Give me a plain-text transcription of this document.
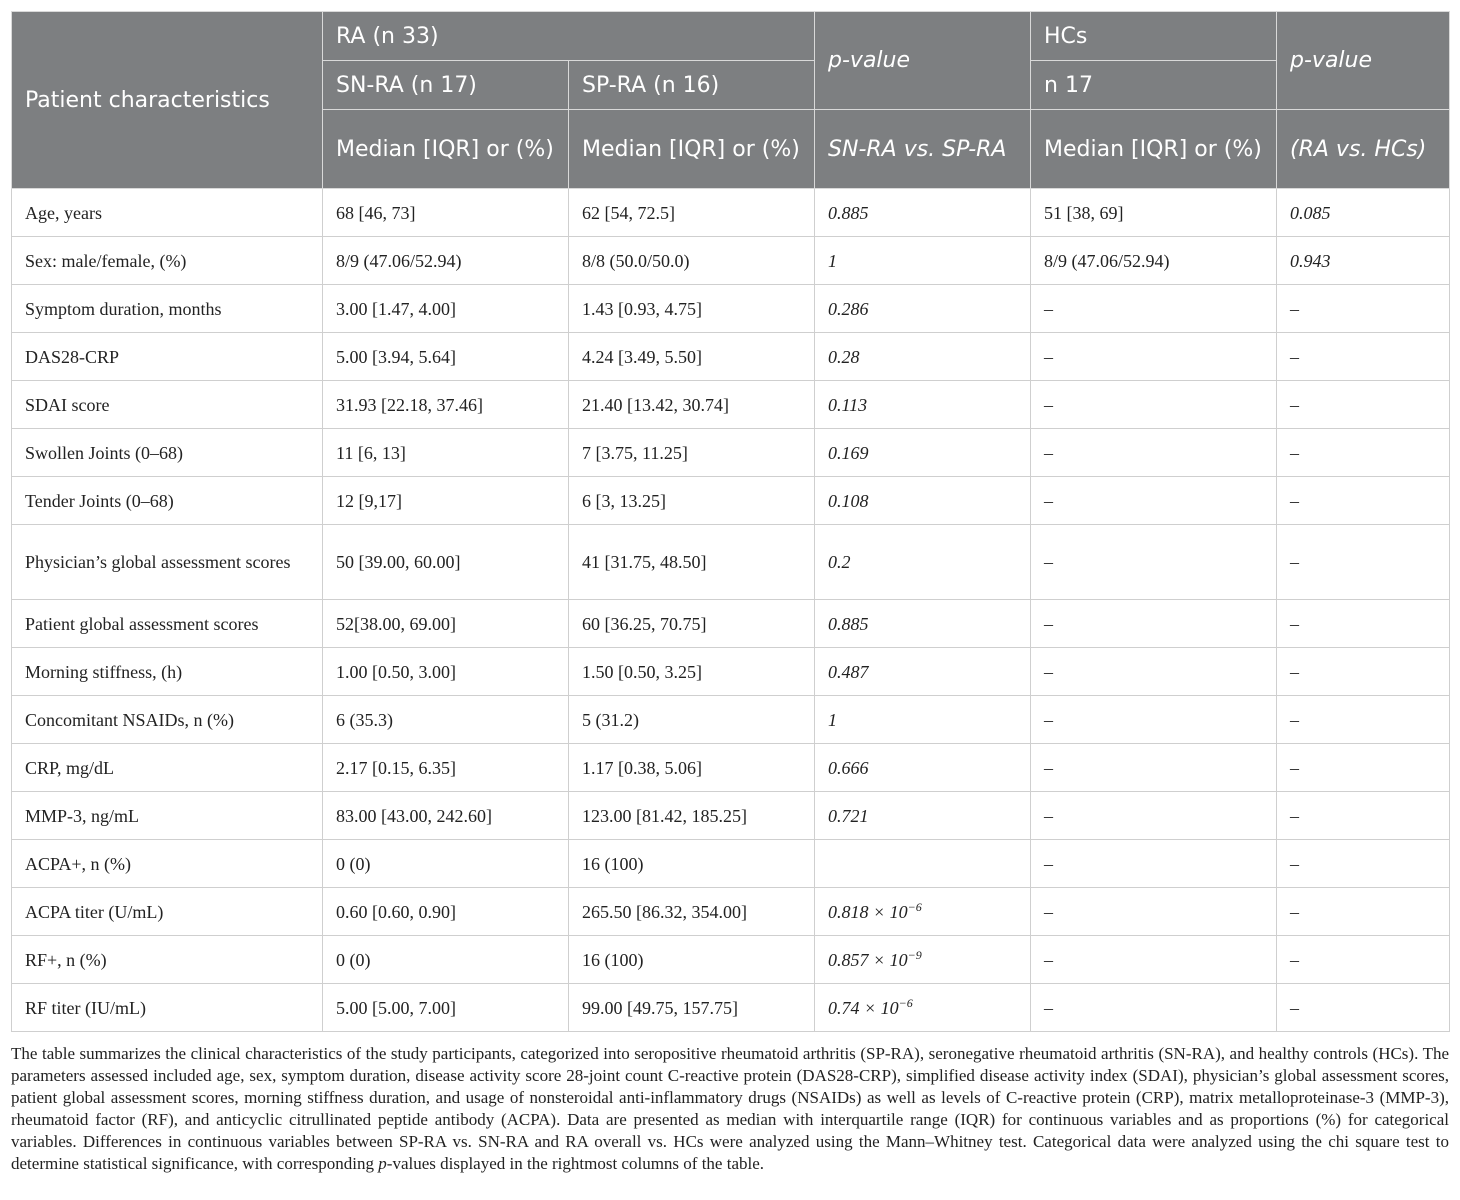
Patient characteristics	RA (n 33)		p-value	HCs	p-value
	SN-RA (n 17)	SP-RA (n 16)		n 17	
	Median [IQR] or (%)	Median [IQR] or (%)	SN-RA vs. SP-RA	Median [IQR] or (%)	(RA vs. HCs)
Age, years	68 [46, 73]	62 [54, 72.5]	0.885	51 [38, 69]	0.085
Sex: male/female, (%)	8/9 (47.06/52.94)	8/8 (50.0/50.0)	1	8/9 (47.06/52.94)	0.943
Symptom duration, months	3.00 [1.47, 4.00]	1.43 [0.93, 4.75]	0.286	–	–
DAS28-CRP	5.00 [3.94, 5.64]	4.24 [3.49, 5.50]	0.28	–	–
SDAI score	31.93 [22.18, 37.46]	21.40 [13.42, 30.74]	0.113	–	–
Swollen Joints (0–68)	11 [6, 13]	7 [3.75, 11.25]	0.169	–	–
Tender Joints (0–68)	12 [9,17]	6 [3, 13.25]	0.108	–	–
Physician’s global assessment scores	50 [39.00, 60.00]	41 [31.75, 48.50]	0.2	–	–
Patient global assessment scores	52[38.00, 69.00]	60 [36.25, 70.75]	0.885	–	–
Morning stiffness, (h)	1.00 [0.50, 3.00]	1.50 [0.50, 3.25]	0.487	–	–
Concomitant NSAIDs, n (%)	6 (35.3)	5 (31.2)	1	–	–
CRP, mg/dL	2.17 [0.15, 6.35]	1.17 [0.38, 5.06]	0.666	–	–
MMP-3, ng/mL	83.00 [43.00, 242.60]	123.00 [81.42, 185.25]	0.721	–	–
ACPA+, n (%)	0 (0)	16 (100)		–	–
ACPA titer (U/mL)	0.60 [0.60, 0.90]	265.50 [86.32, 354.00]	$0.818 \times 10^{-6}$	–	–
RF+, n (%)	0 (0)	16 (100)	$0.857 \times 10^{-9}$	–	–
RF titer (IU/mL)	5.00 [5.00, 7.00]	99.00 [49.75, 157.75]	$0.74 \times 10^{-6}$	–	–
The table summarizes the clinical characteristics of the study participants, categorized into seropositive rheumatoid arthritis (SP-RA), seronegative rheumatoid arthritis (SN-RA), and healthy controls (HCs). The parameters assessed included age, sex, symptom duration, disease activity score 28-joint count C-reactive protein (DAS28-CRP), simplified disease activity index (SDAI), physician’s global assessment scores, patient global assessment scores, morning stiffness duration, and usage of nonsteroidal anti-inflammatory drugs (NSAIDs) as well as levels of C-reactive protein (CRP), matrix metalloproteinase-3 (MMP-3), rheumatoid factor (RF), and anticyclic citrullinated peptide antibody (ACPA). Data are presented as median with interquartile range (IQR) for continuous variables and as proportions (%) for categorical variables. Differences in continuous variables between SP-RA vs. SN-RA and RA overall vs. HCs were analyzed using the Mann–Whitney test. Categorical data were analyzed using the chi square test to determine statistical significance, with corresponding p-values displayed in the rightmost columns of the table.
